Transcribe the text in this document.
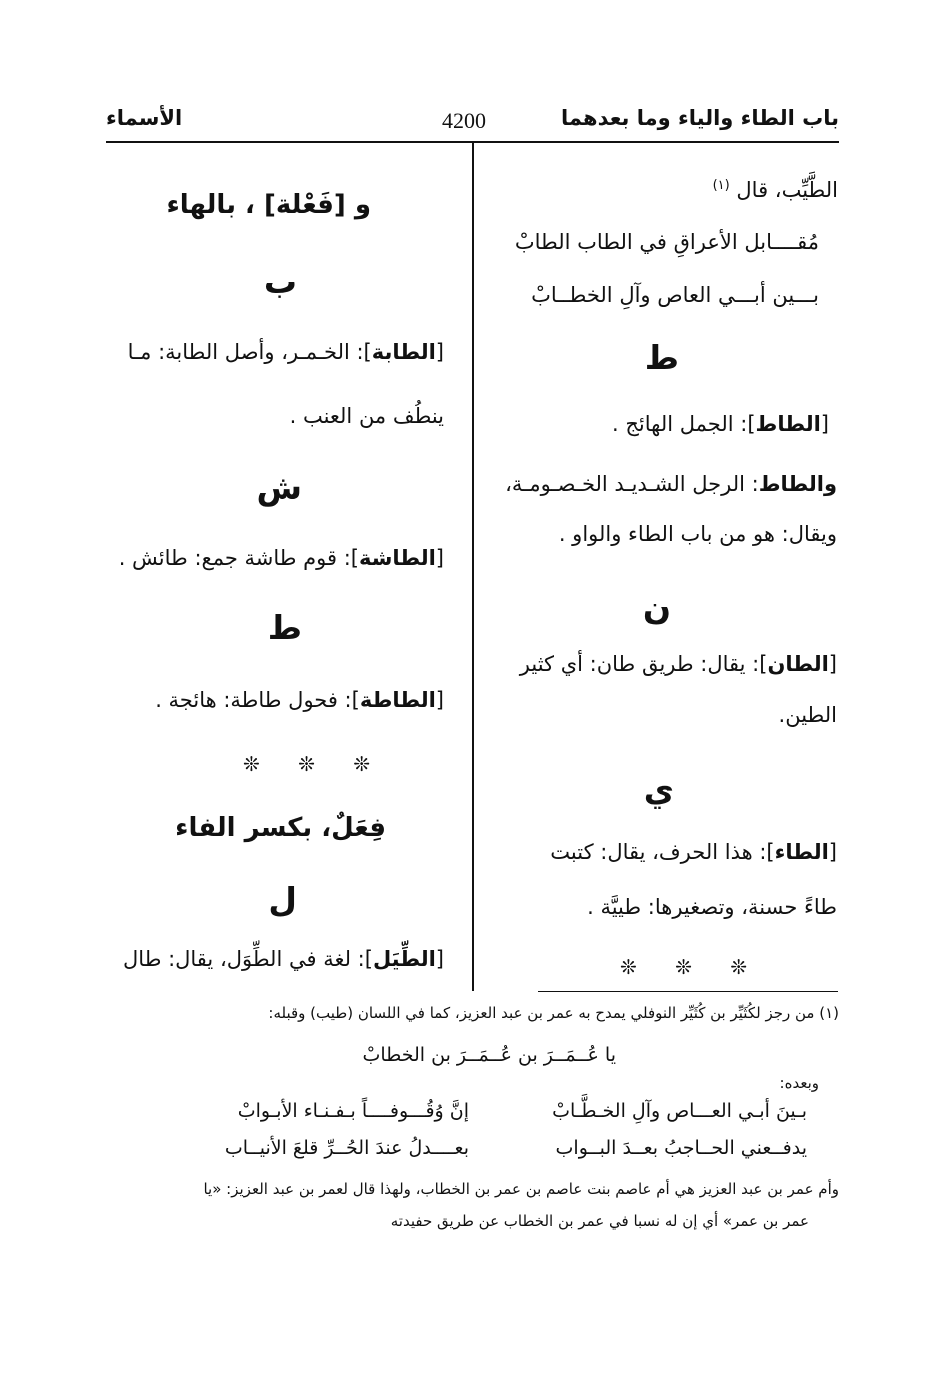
باب الطاء والياء وما بعدهما
4200
الأسماء
الطَّيِّب، قال $^{(١)}$
مُقــــابل الأعراقِ في الطاب الطابْ
بـــين أبـــي العاص وآلِ الخطــابْ
ط
[الطاط]: الجمل الهائج .
والطاط: الرجل الشـديـد الخـصـومـة،
ويقال: هو من باب الطاء والواو .
ن
[الطان]: يقال: طريق طان: أي كثير
الطين.
ي
[الطاء]: هذا الحرف، يقال: كتبت
طاءً حسنة، وتصغيرها: طييَّة .
❊ ❊ ❊
و [فَعْلة] ، بالهاء
ب
[الطابة]: الخـمـر، وأصل الطابة: مـا
ينطُف من العنب .
ش
[الطاشة]: قوم طاشة جمع: طائش .
ط
[الطاطة]: فحول طاطة: هائجة .
❊ ❊ ❊
فِعَلٌ، بكسر الفاء
ل
[الطِّيَل]: لغة في الطِّوَل، يقال: طال
(١) من رجز لكُثَيِّر بن كُثَيِّر النوفلي يمدح به عمر بن عبد العزيز، كما في اللسان (طيب) وقبله:
يا عُــمَــرَ بن عُــمَــرَ بن الخطابْ
وبعده:
بـينَ أبـي العـــاص وآلِ الخـطَّـابْ
إنَّ وُقُـــوفــــاً بـفـنـاء الأبـوابْ
يدفــعني الحــاجبُ بعــدَ البــواب
بعــــدلُ عندَ الحُــرِّ قلعَ الأنيــاب
وأم عمر بن عبد العزيز هي أم عاصم بنت عاصم بن عمر بن الخطاب، ولهذا قال لعمر بن عبد العزيز: «يا
عمر بن عمر» أي إن له نسبا في عمر بن الخطاب عن طريق حفيدته
